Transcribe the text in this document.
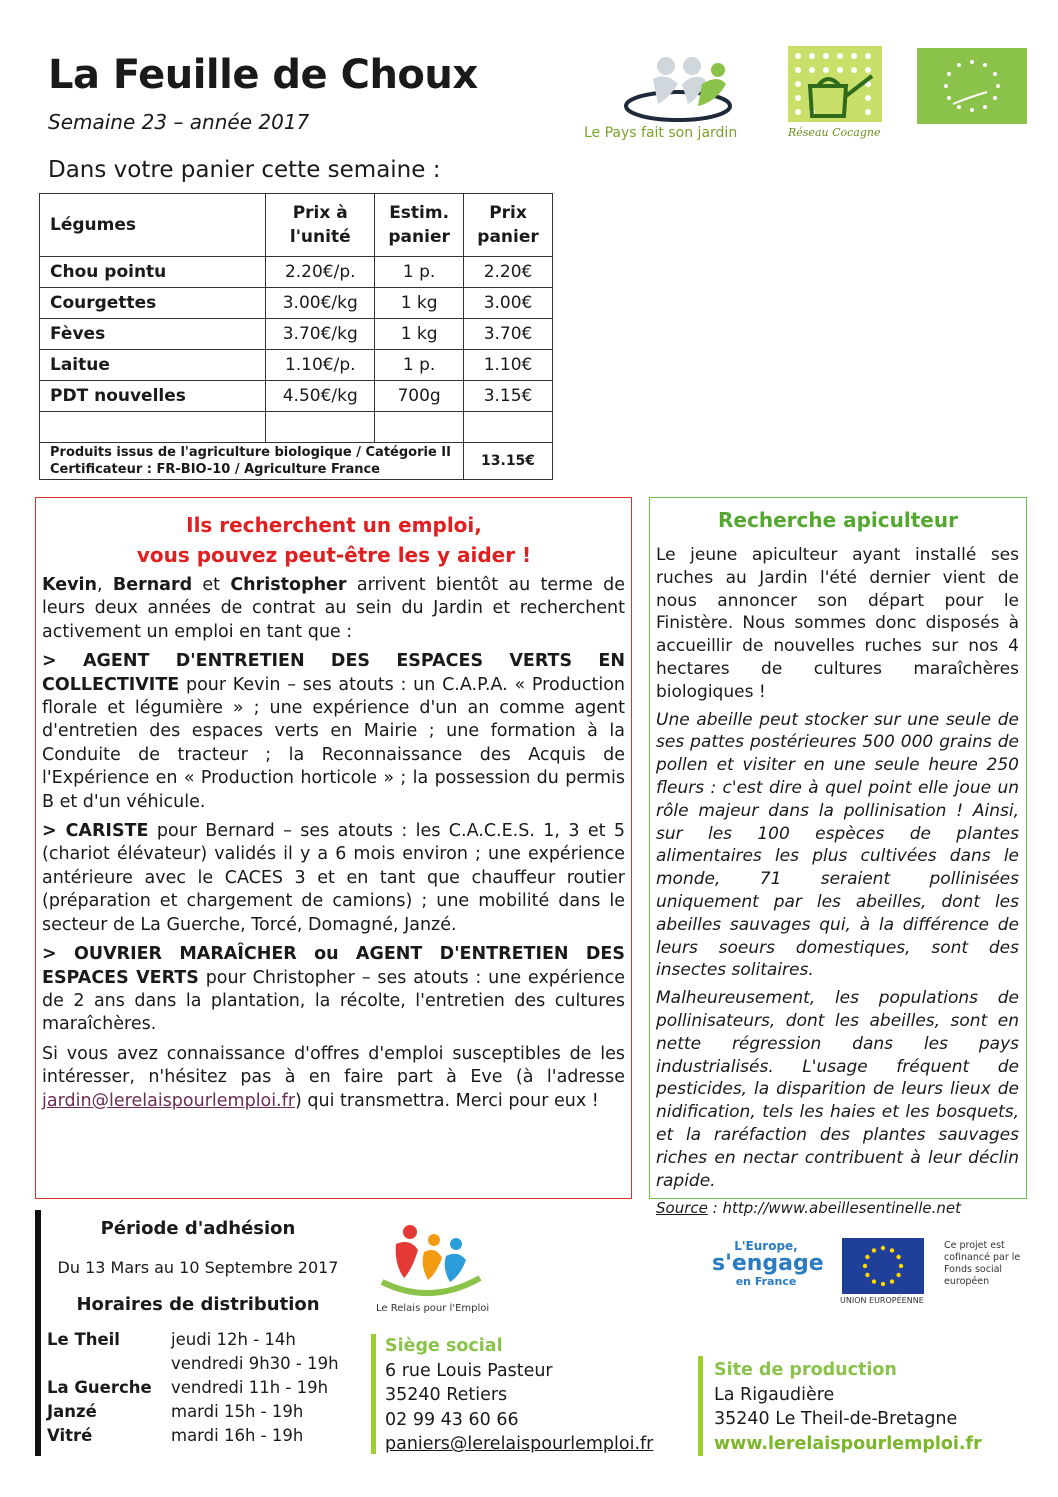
La Feuille de Choux
Semaine 23 – année 2017
Dans votre panier cette semaine :
Le Pays fait son jardin	Réseau Cocagne
Légumes	Prix à l'unité	Estim. panier	Prix panier
Chou pointu	2.20€/p.	1 p.	2.20€
Courgettes	3.00€/kg	1 kg	3.00€
Fèves	3.70€/kg	1 kg	3.70€
Laitue	1.10€/p.	1 p.	1.10€
PDT nouvelles	4.50€/kg	700g	3.15€

Produits issus de l'agriculture biologique / Catégorie II
Certificateur : FR-BIO-10 / Agriculture France			13.15€
Ils recherchent un emploi,
vous pouvez peut-être les y aider !

Kevin, Bernard et Christopher arrivent bientôt au terme de leurs deux années de contrat au sein du Jardin et recherchent activement un emploi en tant que :

> AGENT D'ENTRETIEN DES ESPACES VERTS EN COLLECTIVITE pour Kevin – ses atouts : un C.A.P.A. « Production florale et légumière » ; une expérience d'un an comme agent d'entretien des espaces verts en Mairie ; une formation à la Conduite de tracteur ; la Reconnaissance des Acquis de l'Expérience en « Production horticole » ; la possession du permis B et d'un véhicule.

> CARISTE pour Bernard – ses atouts : les C.A.C.E.S. 1, 3 et 5 (chariot élévateur) validés il y a 6 mois environ ; une expérience antérieure avec le CACES 3 et en tant que chauffeur routier (préparation et chargement de camions) ; une mobilité dans le secteur de La Guerche, Torcé, Domagné, Janzé.

> OUVRIER MARAÎCHER ou AGENT D'ENTRETIEN DES ESPACES VERTS pour Christopher – ses atouts : une expérience de 2 ans dans la plantation, la récolte, l'entretien des cultures maraîchères.

Si vous avez connaissance d'offres d'emploi susceptibles de les intéresser, n'hésitez pas à en faire part à Eve (à l'adresse jardin@lerelaispourlemploi.fr) qui transmettra. Merci pour eux !

Recherche apiculteur

Le jeune apiculteur ayant installé ses ruches au Jardin l'été dernier vient de nous annoncer son départ pour le Finistère. Nous sommes donc disposés à accueillir de nouvelles ruches sur nos 4 hectares de cultures maraîchères biologiques !

Une abeille peut stocker sur une seule de ses pattes postérieures 500 000 grains de pollen et visiter en une seule heure 250 fleurs : c'est dire à quel point elle joue un rôle majeur dans la pollinisation ! Ainsi, sur les 100 espèces de plantes alimentaires les plus cultivées dans le monde, 71 seraient pollinisées uniquement par les abeilles, dont les abeilles sauvages qui, à la différence de leurs soeurs domestiques, sont des insectes solitaires.

Malheureusement, les populations de pollinisateurs, dont les abeilles, sont en nette régression dans les pays industrialisés. L'usage fréquent de pesticides, la disparition de leurs lieux de nidification, tels les haies et les bosquets, et la raréfaction des plantes sauvages riches en nectar contribuent à leur déclin rapide.

Source : http://www.abeillesentinelle.net

Période d'adhésion
Du 13 Mars au 10 Septembre 2017
Horaires de distribution
Le Theil	jeudi 12h - 14h
vendredi 9h30 - 19h
La Guerche	vendredi 11h - 19h
Janzé	mardi 15h - 19h
Vitré	mardi 16h - 19h
Le Relais pour l'Emploi
Siège social
6 rue Louis Pasteur
35240 Retiers
02 99 43 60 66
paniers@lerelaispourlemploi.fr
Site de production
La Rigaudière
35240 Le Theil-de-Bretagne
www.lerelaispourlemploi.fr
L'Europe,
s'engage
en France
UNION EUROPÉENNE
Ce projet est cofinancé par le Fonds social européen
